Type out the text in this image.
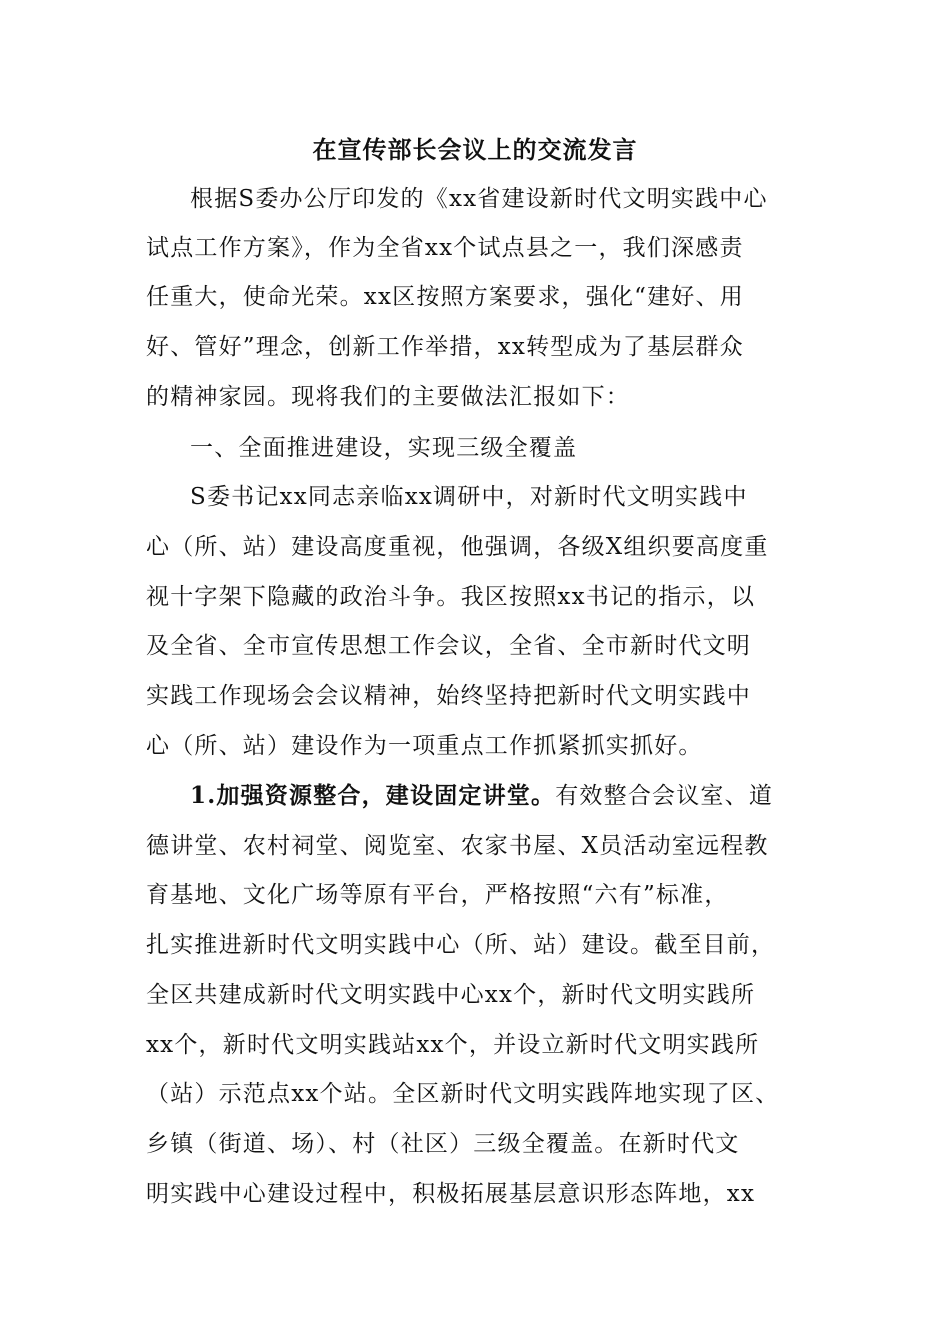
在宣传部长会议上的交流发言
根据S委办公厅印发的《xx省建设新时代文明实践中心
试点工作方案》，作为全省xx个试点县之一，我们深感责
任重大，使命光荣。xx区按照方案要求，强化“建好、用
好、管好”理念，创新工作举措，xx转型成为了基层群众
的精神家园。现将我们的主要做法汇报如下：
一、全面推进建设，实现三级全覆盖
S委书记xx同志亲临xx调研中，对新时代文明实践中
心（所、站）建设高度重视，他强调，各级X组织要高度重
视十字架下隐藏的政治斗争。我区按照xx书记的指示，以
及全省、全市宣传思想工作会议，全省、全市新时代文明
实践工作现场会会议精神，始终坚持把新时代文明实践中
心（所、站）建设作为一项重点工作抓紧抓实抓好。
1.加强资源整合，建设固定讲堂。有效整合会议室、道
德讲堂、农村祠堂、阅览室、农家书屋、X员活动室远程教
育基地、文化广场等原有平台，严格按照“六有”标准，
扎实推进新时代文明实践中心（所、站）建设。截至目前，
全区共建成新时代文明实践中心xx个，新时代文明实践所
xx个，新时代文明实践站xx个，并设立新时代文明实践所
（站）示范点xx个站。全区新时代文明实践阵地实现了区、
乡镇（街道、场）、村（社区）三级全覆盖。在新时代文
明实践中心建设过程中，积极拓展基层意识形态阵地，xx
